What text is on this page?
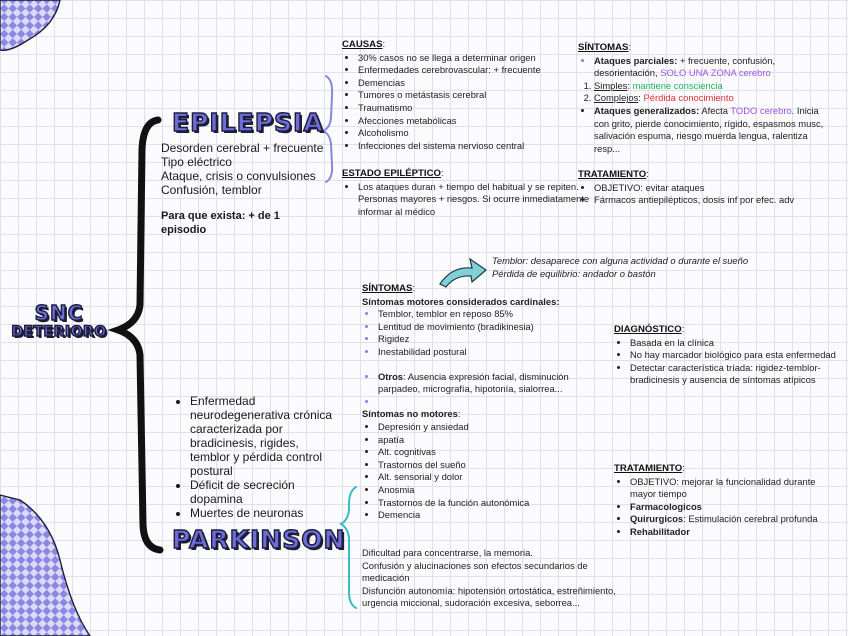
SNC
DETERIORO
EPILEPSIA
Desorden cerebral + frecuente
Tipo eléctrico
Ataque, crisis o convulsiones
Confusión, temblor
Para que exista: + de 1 episodio
CAUSAS:
• 30% casos no se llega a determinar origen
• Enfermedades cerebrovascular: + frecuente
• Demencias
• Tumores o metástasis cerebral
• Traumatismo
• Afecciones metabólicas
• Alcoholismo
• Infecciones del sistema nervioso central
ESTADO EPILÉPTICO:
• Los ataques duran + tiempo del habitual y se repiten. Personas mayores + riesgos. Si ocurre inmediatamente informar al médico
SÍNTOMAS:
• Ataques parciales: + frecuente, confusión, desorientación, SOLO UNA ZONA cerebro
1. Simples: mantiene consciencia
2. Complejos: Pérdida conocimiento
• Ataques generalizados: Afecta TODO cerebro. Inicia con grito, pierde conocimiento, rígido, espasmos musc, salivación espuma, riesgo muerda lengua, ralentiza resp...
TRATAMIENTO:
• OBJETIVO: evitar ataques
• Fármacos antiepilépticos, dosis inf por efec. adv
Temblor: desaparece con alguna actividad o durante el sueño
Pérdida de equilibrio: andador o bastón
• Enfermedad neurodegenerativa crónica caracterizada por bradicinesis, rigides, temblor y pérdida control postural
• Déficit de secreción dopamina
• Muertes de neuronas
PARKINSON
SÍNTOMAS:
Síntomas motores considerados cardinales:
• Temblor, temblor en reposo 85%
• Lentitud de movimiento (bradikinesia)
• Rigidez
• Inestabilidad postural
• Otros: Ausencia expresión facial, disminución parpadeo, micrografía, hipotonía, sialorrea...
•
Síntomas no motores:
• Depresión y ansiedad
• apatía
• Alt. cognitivas
• Trastornos del sueño
• Alt. sensorial y dolor
• Anosmia
• Trastornos de la función autonómica
• Demencia
Dificultad para concentrarse, la memoria.
Confusión y alucinaciones son efectos secundarios de medicación
Disfunción autonomía: hipotensión ortostática, estreñimiento, urgencia miccional, sudoración excesiva, seborrea...
DIAGNÓSTICO:
• Basada en la clínica
• No hay marcador biológico para esta enfermedad
• Detectar característica tríada: rigidez-temblor-bradicinesis y ausencia de síntomas atípicos
TRATAMIENTO:
• OBJETIVO: mejorar la funcionalidad durante mayor tiempo
• Farmacologicos
• Quirurgicos: Estimulación cerebral profunda
• Rehabilitador
